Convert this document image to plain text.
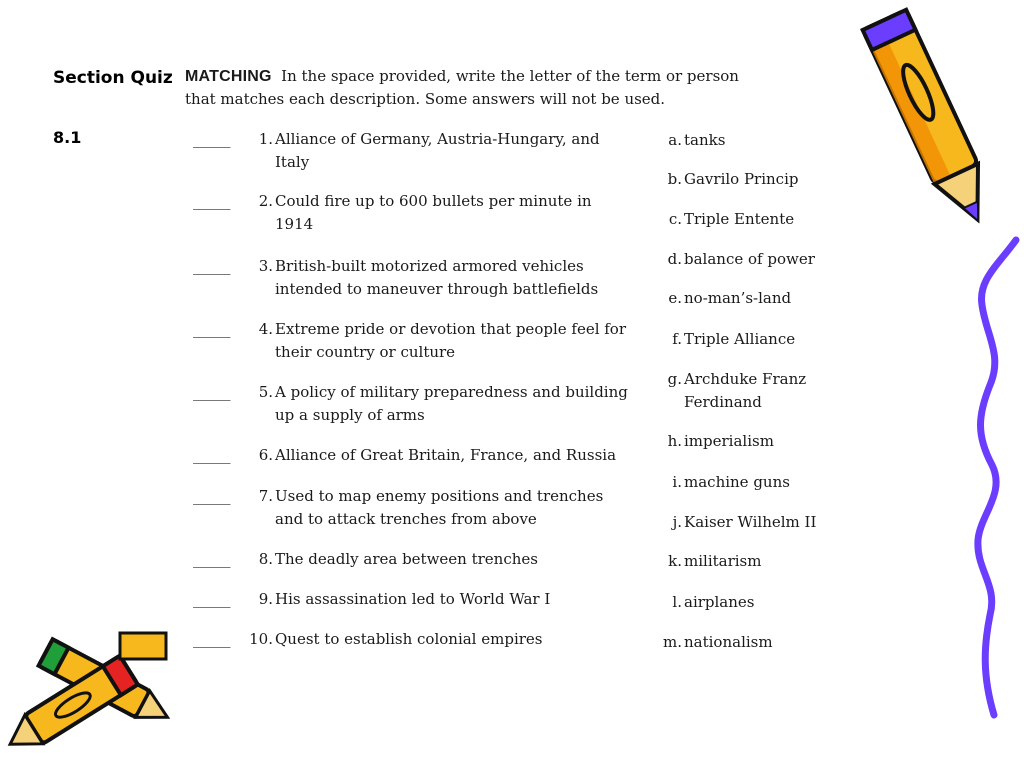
Section Quiz
8.1
MATCHING In the space provided, write the letter of the term or person that matches each description. Some answers will not be used.
_____ 1. Alliance of Germany, Austria-Hungary, and Italy
_____ 2. Could fire up to 600 bullets per minute in 1914
_____ 3. British-built motorized armored vehicles intended to maneuver through battlefields
_____ 4. Extreme pride or devotion that people feel for their country or culture
_____ 5. A policy of military preparedness and building up a supply of arms
_____ 6. Alliance of Great Britain, France, and Russia
_____ 7. Used to map enemy positions and trenches and to attack trenches from above
_____ 8. The deadly area between trenches
_____ 9. His assassination led to World War I
_____ 10. Quest to establish colonial empires
a. tanks
b. Gavrilo Princip
c. Triple Entente
d. balance of power
e. no-man’s-land
f. Triple Alliance
g. Archduke Franz Ferdinand
h. imperialism
i. machine guns
j. Kaiser Wilhelm II
k. militarism
l. airplanes
m. nationalism
